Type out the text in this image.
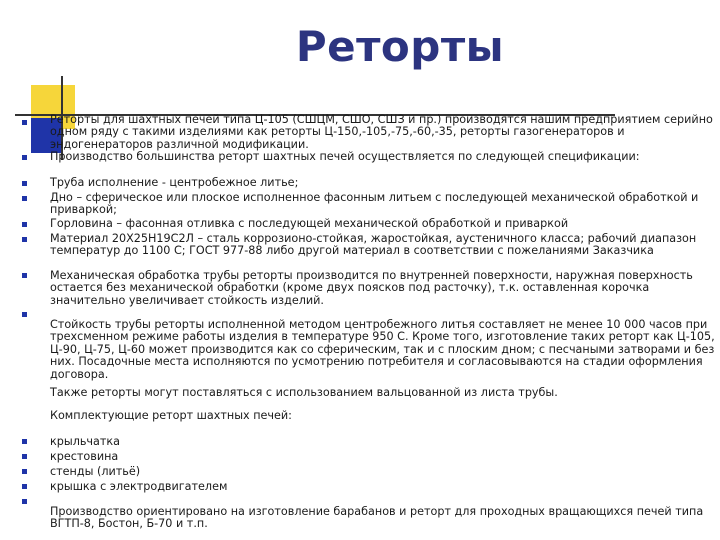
Реторты
Реторты для шахтных печей типа Ц-105 (СШЦМ, СШО, СШЗ и пр.) производятся нашим предприятием серийно одном ряду с такими изделиями как реторты Ц-150,-105,-75,-60,-35, реторты газогенераторов и эндогенераторов различной модификации.
Производство большинства реторт шахтных печей осуществляется по следующей спецификации:
Труба исполнение - центробежное литье;
Дно – сферическое или плоское исполненное фасонным литьем с последующей механической обработкой и приваркой;
Горловина – фасонная отливка с последующей механической обработкой и приваркой
Материал 20Х25Н19С2Л – сталь коррозионо-стойкая, жаростойкая, аустеничного класса; рабочий диапазон температур до 1100 С; ГОСТ 977-88 либо другой материал в соответствии с пожеланиями Заказчика
Механическая обработка трубы реторты производится по внутренней поверхности, наружная поверхность остается без механической обработки (кроме двух поясков под расточку), т.к. оставленная корочка значительно увеличивает стойкость изделий.
Стойкость трубы реторты исполненной методом центробежного литья составляет не менее 10 000 часов при трехсменном режиме работы изделия в температуре 950 С. Кроме того, изготовление таких реторт как Ц-105, Ц-90, Ц-75, Ц-60 может производится как со сферическим, так и с плоским дном; с песчаными затворами и без них. Посадочные места исполняются по усмотрению потребителя и согласовываются на стадии оформления договора.
Также реторты могут поставляться с использованием вальцованной из листа трубы.
Комплектующие реторт шахтных печей:
крыльчатка
крестовина
стенды (литьё)
крышка с электродвигателем
Производство ориентировано на изготовление барабанов и реторт для проходных вращающихся печей типа ВГТП-8, Бостон, Б-70 и т.п.
